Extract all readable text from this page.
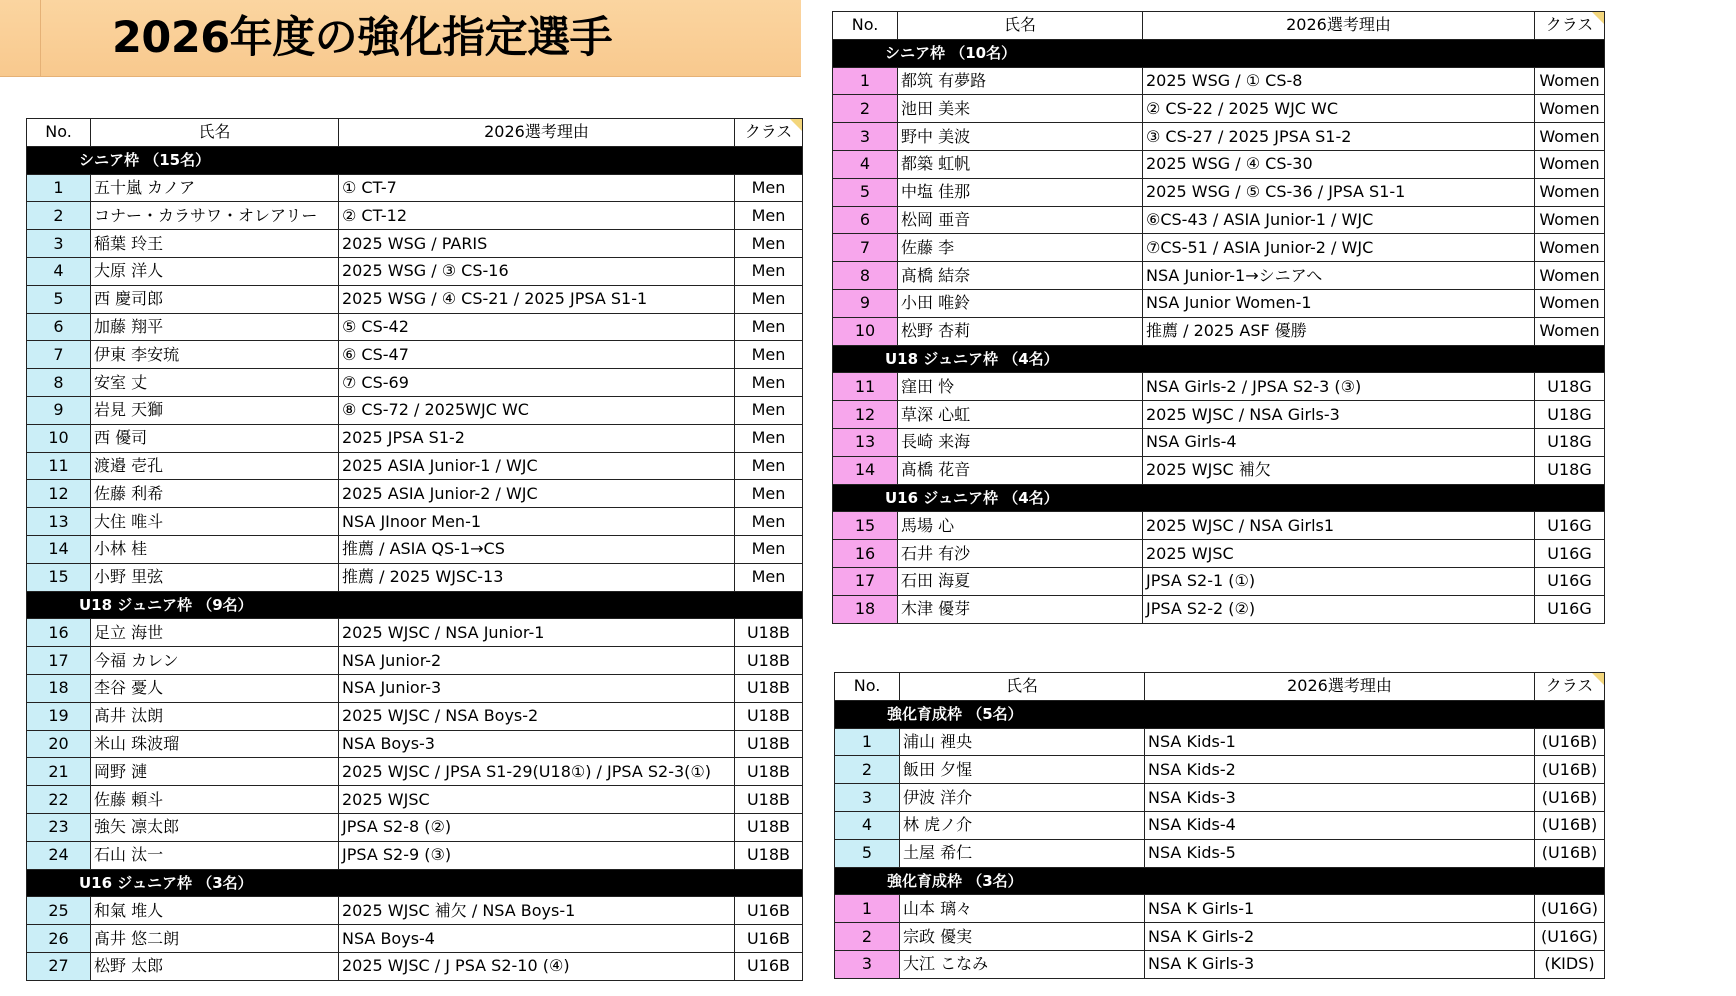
2026年度の強化指定選手
No.	氏名	2026選考理由	クラス
シニア枠 （15名）			
1	五十嵐 カノア	① CT-7	Men
2	コナー・カラサワ・オレアリー	② CT-12	Men
3	稲葉 玲王	2025 WSG / PARIS	Men
4	大原 洋人	2025 WSG / ③ CS-16	Men
5	西 慶司郎	2025 WSG / ④ CS-21 / 2025 JPSA S1-1	Men
6	加藤 翔平	⑤ CS-42	Men
7	伊東 李安琉	⑥ CS-47	Men
8	安室 丈	⑦ CS-69	Men
9	岩見 天獅	⑧ CS-72 / 2025WJC WC	Men
10	西 優司	2025 JPSA S1-2	Men
11	渡邉 壱孔	2025 ASIA Junior-1 / WJC	Men
12	佐藤 利希	2025 ASIA Junior-2 / WJC	Men
13	大住 唯斗	NSA JInoor Men-1	Men
14	小林 桂	推薦 / ASIA QS-1→CS	Men
15	小野 里弦	推薦 / 2025 WJSC-13	Men
U18 ジュニア枠 （9名）			
16	足立 海世	2025 WJSC / NSA Junior-1	U18B
17	今福 カレン	NSA Junior-2	U18B
18	杢谷 憂人	NSA Junior-3	U18B
19	髙井 汰朗	2025 WJSC / NSA Boys-2	U18B
20	米山 珠波瑠	NSA Boys-3	U18B
21	岡野 漣	2025 WJSC / JPSA S1-29(U18①) / JPSA S2-3(①)	U18B
22	佐藤 頼斗	2025 WJSC	U18B
23	強矢 凛太郎	JPSA S2-8 (②)	U18B
24	石山 汰一	JPSA S2-9 (③)	U18B
U16 ジュニア枠 （3名）			
25	和氣 堆人	2025 WJSC 補欠 / NSA Boys-1	U16B
26	髙井 悠二朗	NSA Boys-4	U16B
27	松野 太郎	2025 WJSC / J PSA S2-10 (④)	U16B
No.	氏名	2026選考理由	クラス
シニア枠 （10名）			
1	都筑 有夢路	2025 WSG / ① CS-8	Women
2	池田 美来	② CS-22 / 2025 WJC WC	Women
3	野中 美波	③ CS-27 / 2025 JPSA S1-2	Women
4	都築 虹帆	2025 WSG / ④ CS-30	Women
5	中塩 佳那	2025 WSG / ⑤ CS-36 / JPSA S1-1	Women
6	松岡 亜音	⑥CS-43 / ASIA Junior-1 / WJC	Women
7	佐藤 李	⑦CS-51 / ASIA Junior-2 / WJC	Women
8	髙橋 結奈	NSA Junior-1→シニアへ	Women
9	小田 唯鈴	NSA Junior Women-1	Women
10	松野 杏莉	推薦 / 2025 ASF 優勝	Women
U18 ジュニア枠 （4名）			
11	窪田 怜	NSA Girls-2 / JPSA S2-3 (③)	U18G
12	草深 心虹	2025 WJSC / NSA Girls-3	U18G
13	長崎 来海	NSA Girls-4	U18G
14	髙橋 花音	2025 WJSC 補欠	U18G
U16 ジュニア枠 （4名）			
15	馬場 心	2025 WJSC / NSA Girls1	U16G
16	石井 有沙	2025 WJSC	U16G
17	石田 海夏	JPSA S2-1 (①)	U16G
18	木津 優芽	JPSA S2-2 (②)	U16G
No.	氏名	2026選考理由	クラス
強化育成枠 （5名）			
1	浦山 裡央	NSA Kids-1	(U16B)
2	飯田 夕惺	NSA Kids-2	(U16B)
3	伊波 洋介	NSA Kids-3	(U16B)
4	林 虎ノ介	NSA Kids-4	(U16B)
5	土屋 希仁	NSA Kids-5	(U16B)
強化育成枠 （3名）			
1	山本 璃々	NSA K Girls-1	(U16G)
2	宗政 優実	NSA K Girls-2	(U16G)
3	大江 こなみ	NSA K Girls-3	(KIDS)
